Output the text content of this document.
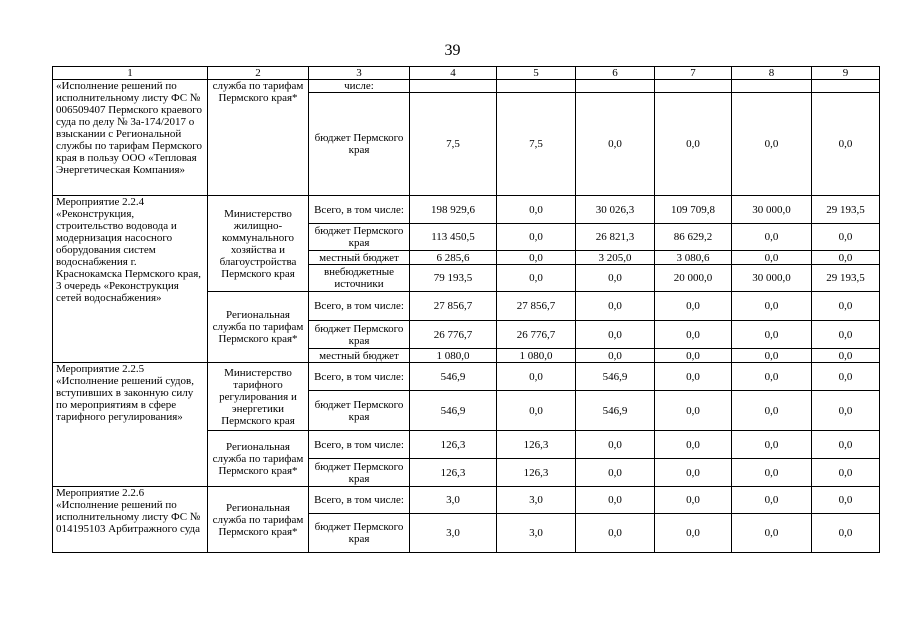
39
1	2	3	4	5	6	7	8	9
«Исполнение решений по исполнительному листу ФС № 006509407 Пермского краевого суда по делу № 3а-174/2017 о взыскании с Региональной службы по тарифам Пермского края в пользу ООО «Тепловая Энергетическая Компания»	служба по тарифам Пермского края*	числе:						
		бюджет Пермского края	7,5	7,5	0,0	0,0	0,0	0,0
Мероприятие 2.2.4 «Реконструкция, строительство водовода и модернизация насосного оборудования систем водоснабжения г. Краснокамска Пермского края, 3 очередь «Реконструкция сетей водоснабжения»	Министерство жилищно-коммунального хозяйства и благоустройства Пермского края	Всего, в том числе:	198 929,6	0,0	30 026,3	109 709,8	30 000,0	29 193,5
		бюджет Пермского края	113 450,5	0,0	26 821,3	86 629,2	0,0	0,0
		местный бюджет	6 285,6	0,0	3 205,0	3 080,6	0,0	0,0
		внебюджетные источники	79 193,5	0,0	0,0	20 000,0	30 000,0	29 193,5
	Региональная служба по тарифам Пермского края*	Всего, в том числе:	27 856,7	27 856,7	0,0	0,0	0,0	0,0
		бюджет Пермского края	26 776,7	26 776,7	0,0	0,0	0,0	0,0
		местный бюджет	1 080,0	1 080,0	0,0	0,0	0,0	0,0
Мероприятие 2.2.5 «Исполнение решений судов, вступивших в законную силу по мероприятиям в сфере тарифного регулирования»	Министерство тарифного регулирования и энергетики Пермского края	Всего, в том числе:	546,9	0,0	546,9	0,0	0,0	0,0
		бюджет Пермского края	546,9	0,0	546,9	0,0	0,0	0,0
	Региональная служба по тарифам Пермского края*	Всего, в том числе:	126,3	126,3	0,0	0,0	0,0	0,0
		бюджет Пермского края	126,3	126,3	0,0	0,0	0,0	0,0
Мероприятие 2.2.6 «Исполнение решений по исполнительному листу ФС № 014195103 Арбитражного суда	Региональная служба по тарифам Пермского края*	Всего, в том числе:	3,0	3,0	0,0	0,0	0,0	0,0
		бюджет Пермского края	3,0	3,0	0,0	0,0	0,0	0,0
